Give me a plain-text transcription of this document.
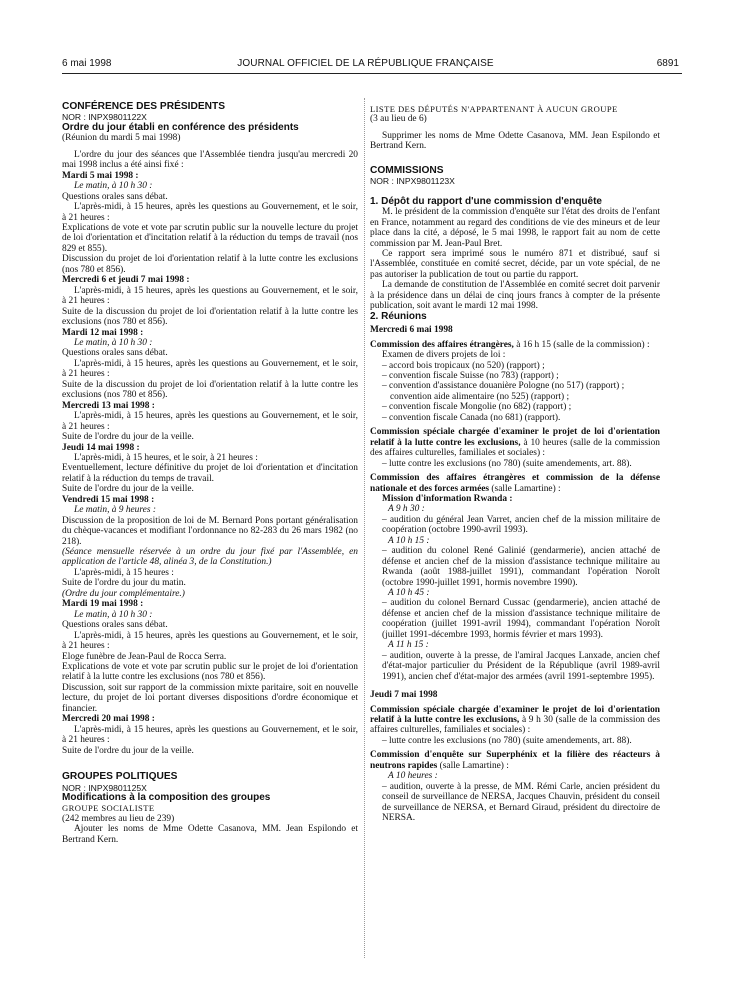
6 mai 1998	JOURNAL OFFICIEL DE LA RÉPUBLIQUE FRANÇAISE	6891

CONFÉRENCE DES PRÉSIDENTS

NOR : INPX9801122X

Ordre du jour établi en conférence des présidents

(Réunion du mardi 5 mai 1998)

L'ordre du jour des séances que l'Assemblée tiendra jusqu'au mercredi 20 mai 1998 inclus a été ainsi fixé :

Mardi 5 mai 1998 :

Le matin, à 10 h 30 :

Questions orales sans débat.

L'après-midi, à 15 heures, après les questions au Gouvernement, et le soir, à 21 heures :

Explications de vote et vote par scrutin public sur la nouvelle lecture du projet de loi d'orientation et d'incitation relatif à la réduction du temps de travail (nos 829 et 855).

Discussion du projet de loi d'orientation relatif à la lutte contre les exclusions (nos 780 et 856).

Mercredi 6 et jeudi 7 mai 1998 :

L'après-midi, à 15 heures, après les questions au Gouvernement, et le soir, à 21 heures :

Suite de la discussion du projet de loi d'orientation relatif à la lutte contre les exclusions (nos 780 et 856).

Mardi 12 mai 1998 :

Le matin, à 10 h 30 :

Questions orales sans débat.

L'après-midi, à 15 heures, après les questions au Gouvernement, et le soir, à 21 heures :

Suite de la discussion du projet de loi d'orientation relatif à la lutte contre les exclusions (nos 780 et 856).

Mercredi 13 mai 1998 :

L'après-midi, à 15 heures, après les questions au Gouvernement, et le soir, à 21 heures :

Suite de l'ordre du jour de la veille.

Jeudi 14 mai 1998 :

L'après-midi, à 15 heures, et le soir, à 21 heures :

Eventuellement, lecture définitive du projet de loi d'orientation et d'incitation relatif à la réduction du temps de travail.

Suite de l'ordre du jour de la veille.

Vendredi 15 mai 1998 :

Le matin, à 9 heures :

Discussion de la proposition de loi de M. Bernard Pons portant généralisation du chèque-vacances et modifiant l'ordonnance no 82-283 du 26 mars 1982 (no 218).

(Séance mensuelle réservée à un ordre du jour fixé par l'Assemblée, en application de l'article 48, alinéa 3, de la Constitution.)

L'après-midi, à 15 heures :

Suite de l'ordre du jour du matin.

(Ordre du jour complémentaire.)

Mardi 19 mai 1998 :

Le matin, à 10 h 30 :

Questions orales sans débat.

L'après-midi, à 15 heures, après les questions au Gouvernement, et le soir, à 21 heures :

Eloge funèbre de Jean-Paul de Rocca Serra.

Explications de vote et vote par scrutin public sur le projet de loi d'orientation relatif à la lutte contre les exclusions (nos 780 et 856).

Discussion, soit sur rapport de la commission mixte paritaire, soit en nouvelle lecture, du projet de loi portant diverses dispositions d'ordre économique et financier.

Mercredi 20 mai 1998 :

L'après-midi, à 15 heures, après les questions au Gouvernement, et le soir, à 21 heures :

Suite de l'ordre du jour de la veille.

GROUPES POLITIQUES

NOR : INPX9801125X

Modifications à la composition des groupes

GROUPE SOCIALISTE

(242 membres au lieu de 239)

Ajouter les noms de Mme Odette Casanova, MM. Jean Espilondo et Bertrand Kern.

LISTE DES DÉPUTÉS N'APPARTENANT À AUCUN GROUPE

(3 au lieu de 6)

Supprimer les noms de Mme Odette Casanova, MM. Jean Espilondo et Bertrand Kern.

COMMISSIONS

NOR : INPX9801123X

1. Dépôt du rapport d'une commission d'enquête

M. le président de la commission d'enquête sur l'état des droits de l'enfant en France, notamment au regard des conditions de vie des mineurs et de leur place dans la cité, a déposé, le 5 mai 1998, le rapport fait au nom de cette commission par M. Jean-Paul Bret.

Ce rapport sera imprimé sous le numéro 871 et distribué, sauf si l'Assemblée, constituée en comité secret, décide, par un vote spécial, de ne pas autoriser la publication de tout ou partie du rapport.

La demande de constitution de l'Assemblée en comité secret doit parvenir à la présidence dans un délai de cinq jours francs à compter de la présente publication, soit avant le mardi 12 mai 1998.

2. Réunions

Mercredi 6 mai 1998

Commission des affaires étrangères, à 16 h 15 (salle de la commission) :

Examen de divers projets de loi :

– accord bois tropicaux (no 520) (rapport) ;

– convention fiscale Suisse (no 783) (rapport) ;

– convention d'assistance douanière Pologne (no 517) (rapport) ;

convention aide alimentaire (no 525) (rapport) ;

– convention fiscale Mongolie (no 682) (rapport) ;

– convention fiscale Canada (no 681) (rapport).

Commission spéciale chargée d'examiner le projet de loi d'orientation relatif à la lutte contre les exclusions, à 10 heures (salle de la commission des affaires culturelles, familiales et sociales) :

– lutte contre les exclusions (no 780) (suite amendements, art. 88).

Commission des affaires étrangères et commission de la défense nationale et des forces armées (salle Lamartine) :

Mission d'information Rwanda :

A 9 h 30 :

– audition du général Jean Varret, ancien chef de la mission militaire de coopération (octobre 1990-avril 1993).

A 10 h 15 :

– audition du colonel René Galinié (gendarmerie), ancien attaché de défense et ancien chef de la mission d'assistance technique militaire au Rwanda (août 1988-juillet 1991), commandant l'opération Noroît (octobre 1990-juillet 1991, hormis novembre 1990).

A 10 h 45 :

– audition du colonel Bernard Cussac (gendarmerie), ancien attaché de défense et ancien chef de la mission d'assistance technique militaire de coopération (juillet 1991-avril 1994), commandant l'opération Noroît (juillet 1991-décembre 1993, hormis février et mars 1993).

A 11 h 15 :

– audition, ouverte à la presse, de l'amiral Jacques Lanxade, ancien chef d'état-major particulier du Président de la République (avril 1989-avril 1991), ancien chef d'état-major des armées (avril 1991-septembre 1995).

Jeudi 7 mai 1998

Commission spéciale chargée d'examiner le projet de loi d'orientation relatif à la lutte contre les exclusions, à 9 h 30 (salle de la commission des affaires culturelles, familiales et sociales) :

– lutte contre les exclusions (no 780) (suite amendements, art. 88).

Commission d'enquête sur Superphénix et la filière des réacteurs à neutrons rapides (salle Lamartine) :

A 10 heures :

– audition, ouverte à la presse, de MM. Rémi Carle, ancien président du conseil de surveillance de NERSA, Jacques Chauvin, président du conseil de surveillance de NERSA, et Bernard Giraud, président du directoire de NERSA.
